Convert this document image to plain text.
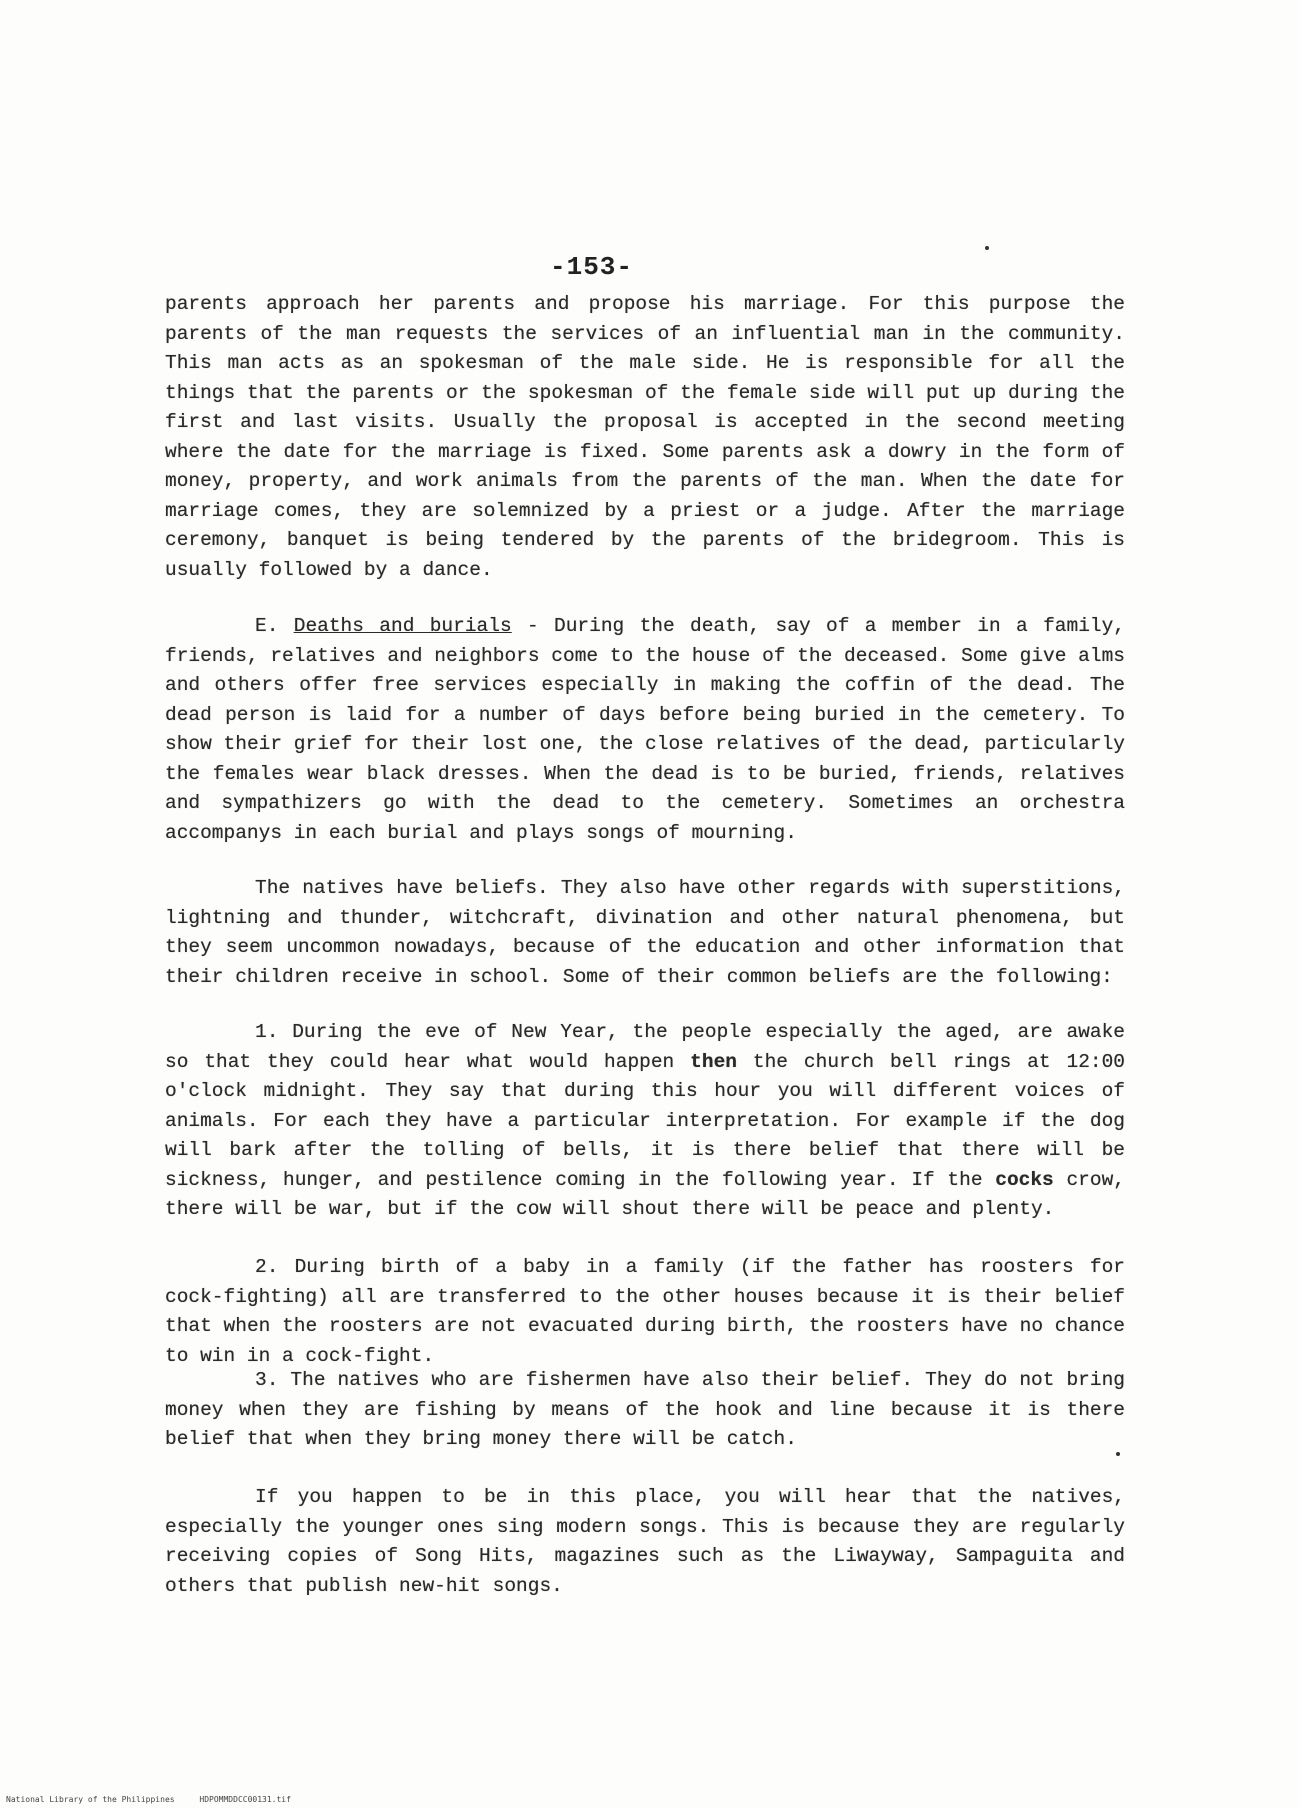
-153-

parents approach her parents and propose his marriage. For this purpose the parents of the man requests the services of an influential man in the community. This man acts as an spokesman of the male side. He is responsible for all the things that the parents or the spokesman of the female side will put up during the first and last visits. Usually the proposal is accepted in the second meeting where the date for the marriage is fixed. Some parents ask a dowry in the form of money, property, and work animals from the parents of the man. When the date for marriage comes, they are solemnized by a priest or a judge. After the marriage ceremony, banquet is being tendered by the parents of the bridegroom. This is usually followed by a dance.

E. Deaths and burials - During the death, say of a member in a family, friends, relatives and neighbors come to the house of the deceased. Some give alms and others offer free services especially in making the coffin of the dead. The dead person is laid for a number of days before being buried in the cemetery. To show their grief for their lost one, the close relatives of the dead, particularly the females wear black dresses. When the dead is to be buried, friends, relatives and sympathizers go with the dead to the cemetery. Sometimes an orchestra accompanys in each burial and plays songs of mourning.

The natives have beliefs. They also have other regards with superstitions, lightning and thunder, witchcraft, divination and other natural phenomena, but they seem uncommon nowadays, because of the education and other information that their children receive in school. Some of their common beliefs are the following:

1. During the eve of New Year, the people especially the aged, are awake so that they could hear what would happen then the church bell rings at 12:00 o'clock midnight. They say that during this hour you will different voices of animals. For each they have a particular interpretation. For example if the dog will bark after the tolling of bells, it is there belief that there will be sickness, hunger, and pestilence coming in the following year. If the cocks crow, there will be war, but if the cow will shout there will be peace and plenty.

2. During birth of a baby in a family (if the father has roosters for cock-fighting) all are transferred to the other houses because it is their belief that when the roosters are not evacuated during birth, the roosters have no chance to win in a cock-fight.

3. The natives who are fishermen have also their belief. They do not bring money when they are fishing by means of the hook and line because it is there belief that when they bring money there will be catch.

If you happen to be in this place, you will hear that the natives, especially the younger ones sing modern songs. This is because they are regularly receiving copies of Song Hits, magazines such as the Liwayway, Sampaguita and others that publish new-hit songs.

National Library of the Philippines	HDPOMMDDCC00131.tif
